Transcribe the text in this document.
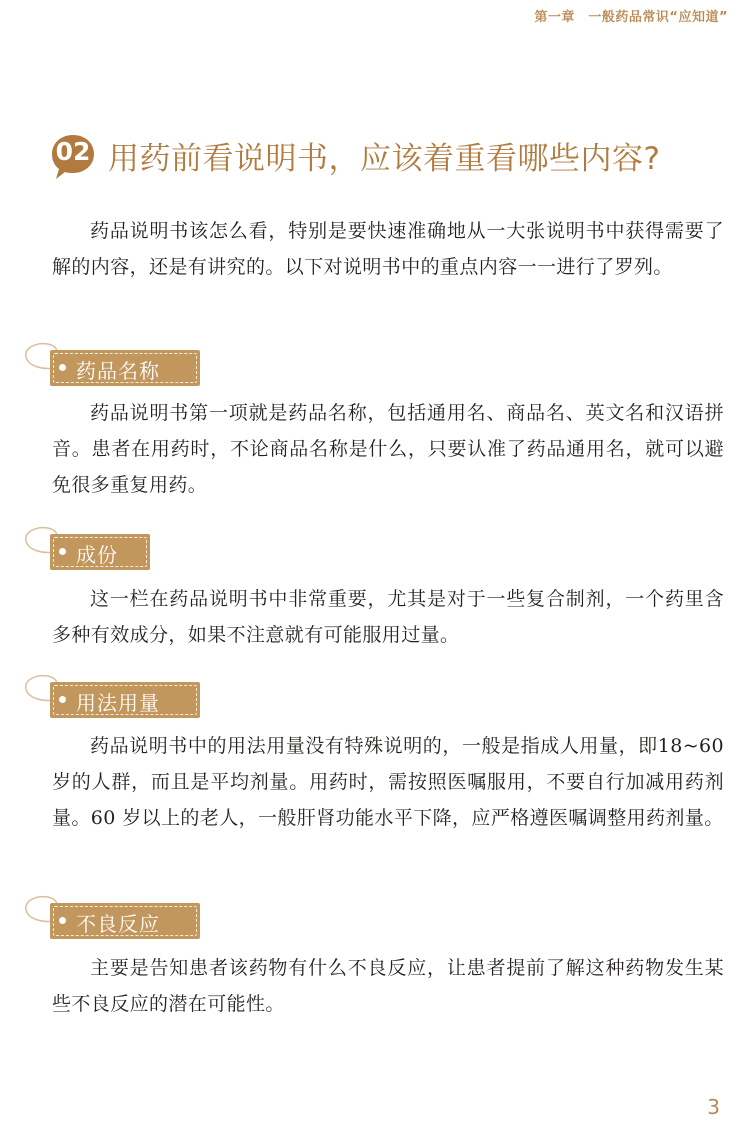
第一章　一般药品常识“应知道”
02 用药前看说明书，应该着重看哪些内容?

药品说明书该怎么看，特别是要快速准确地从一大张说明书中获得需要了解的内容，还是有讲究的。以下对说明书中的重点内容一一进行了罗列。

药品名称

药品说明书第一项就是药品名称，包括通用名、商品名、英文名和汉语拼音。患者在用药时，不论商品名称是什么，只要认准了药品通用名，就可以避免很多重复用药。

成份

这一栏在药品说明书中非常重要，尤其是对于一些复合制剂，一个药里含多种有效成分，如果不注意就有可能服用过量。

用法用量

药品说明书中的用法用量没有特殊说明的，一般是指成人用量，即18~60 岁的人群，而且是平均剂量。用药时，需按照医嘱服用，不要自行加减用药剂量。60 岁以上的老人，一般肝肾功能水平下降，应严格遵医嘱调整用药剂量。

不良反应

主要是告知患者该药物有什么不良反应，让患者提前了解这种药物发生某些不良反应的潜在可能性。

3
